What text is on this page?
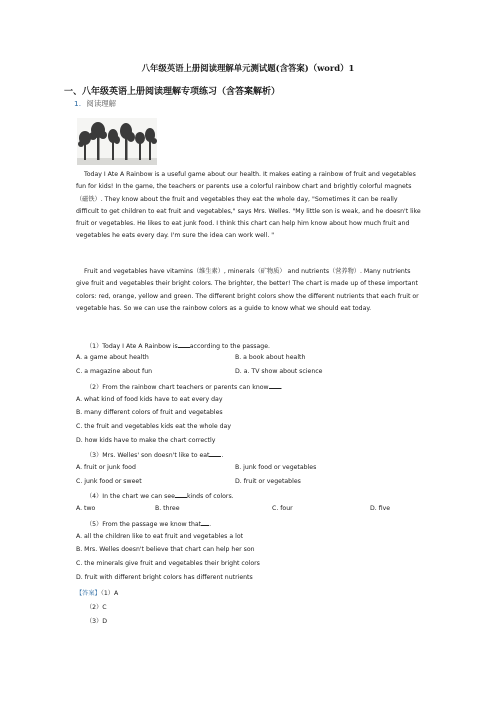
八年级英语上册阅读理解单元测试题(含答案)（word）1
一、八年级英语上册阅读理解专项练习（含答案解析）
1. 阅读理解
Today I Ate A Rainbow is a useful game about our health. It makes eating a rainbow of fruit and vegetables fun for kids! In the game, the teachers or parents use a colorful rainbow chart and brightly colorful magnets（磁铁）. They know about the fruit and vegetables they eat the whole day, "Sometimes it can be really difficult to get children to eat fruit and vegetables," says Mrs. Welles. "My little son is weak, and he doesn't like fruit or vegetables. He likes to eat junk food. I think this chart can help him know about how much fruit and vegetables he eats every day. I'm sure the idea can work well. "
Fruit and vegetables have vitamins（维生素）, minerals（矿物质） and nutrients（营养物）. Many nutrients give fruit and vegetables their bright colors. The brighter, the better! The chart is made up of these important colors: red, orange, yellow and green. The different bright colors show the different nutrients that each fruit or vegetable has. So we can use the rainbow colors as a guide to know what we should eat today.
（1）Today I Ate A Rainbow is according to the passage.
A. a game about health	B. a book about health
C. a magazine about fun	D. a. TV show about science
（2）From the rainbow chart teachers or parents can know .
A. what kind of food kids have to eat every day
B. many different colors of fruit and vegetables
C. the fruit and vegetables kids eat the whole day
D. how kids have to make the chart correctly
（3）Mrs. Welles' son doesn't like to eat .
A. fruit or junk food	B. junk food or vegetables
C. junk food or sweet	D. fruit or vegetables
（4）In the chart we can see kinds of colors.
A. two	B. three	C. four	D. five
（5）From the passage we know that .
A. all the children like to eat fruit and vegetables a lot
B. Mrs. Welles doesn't believe that chart can help her son
C. the minerals give fruit and vegetables their bright colors
D. fruit with different bright colors has different nutrients
【答案】（1）A
（2）C
（3）D
